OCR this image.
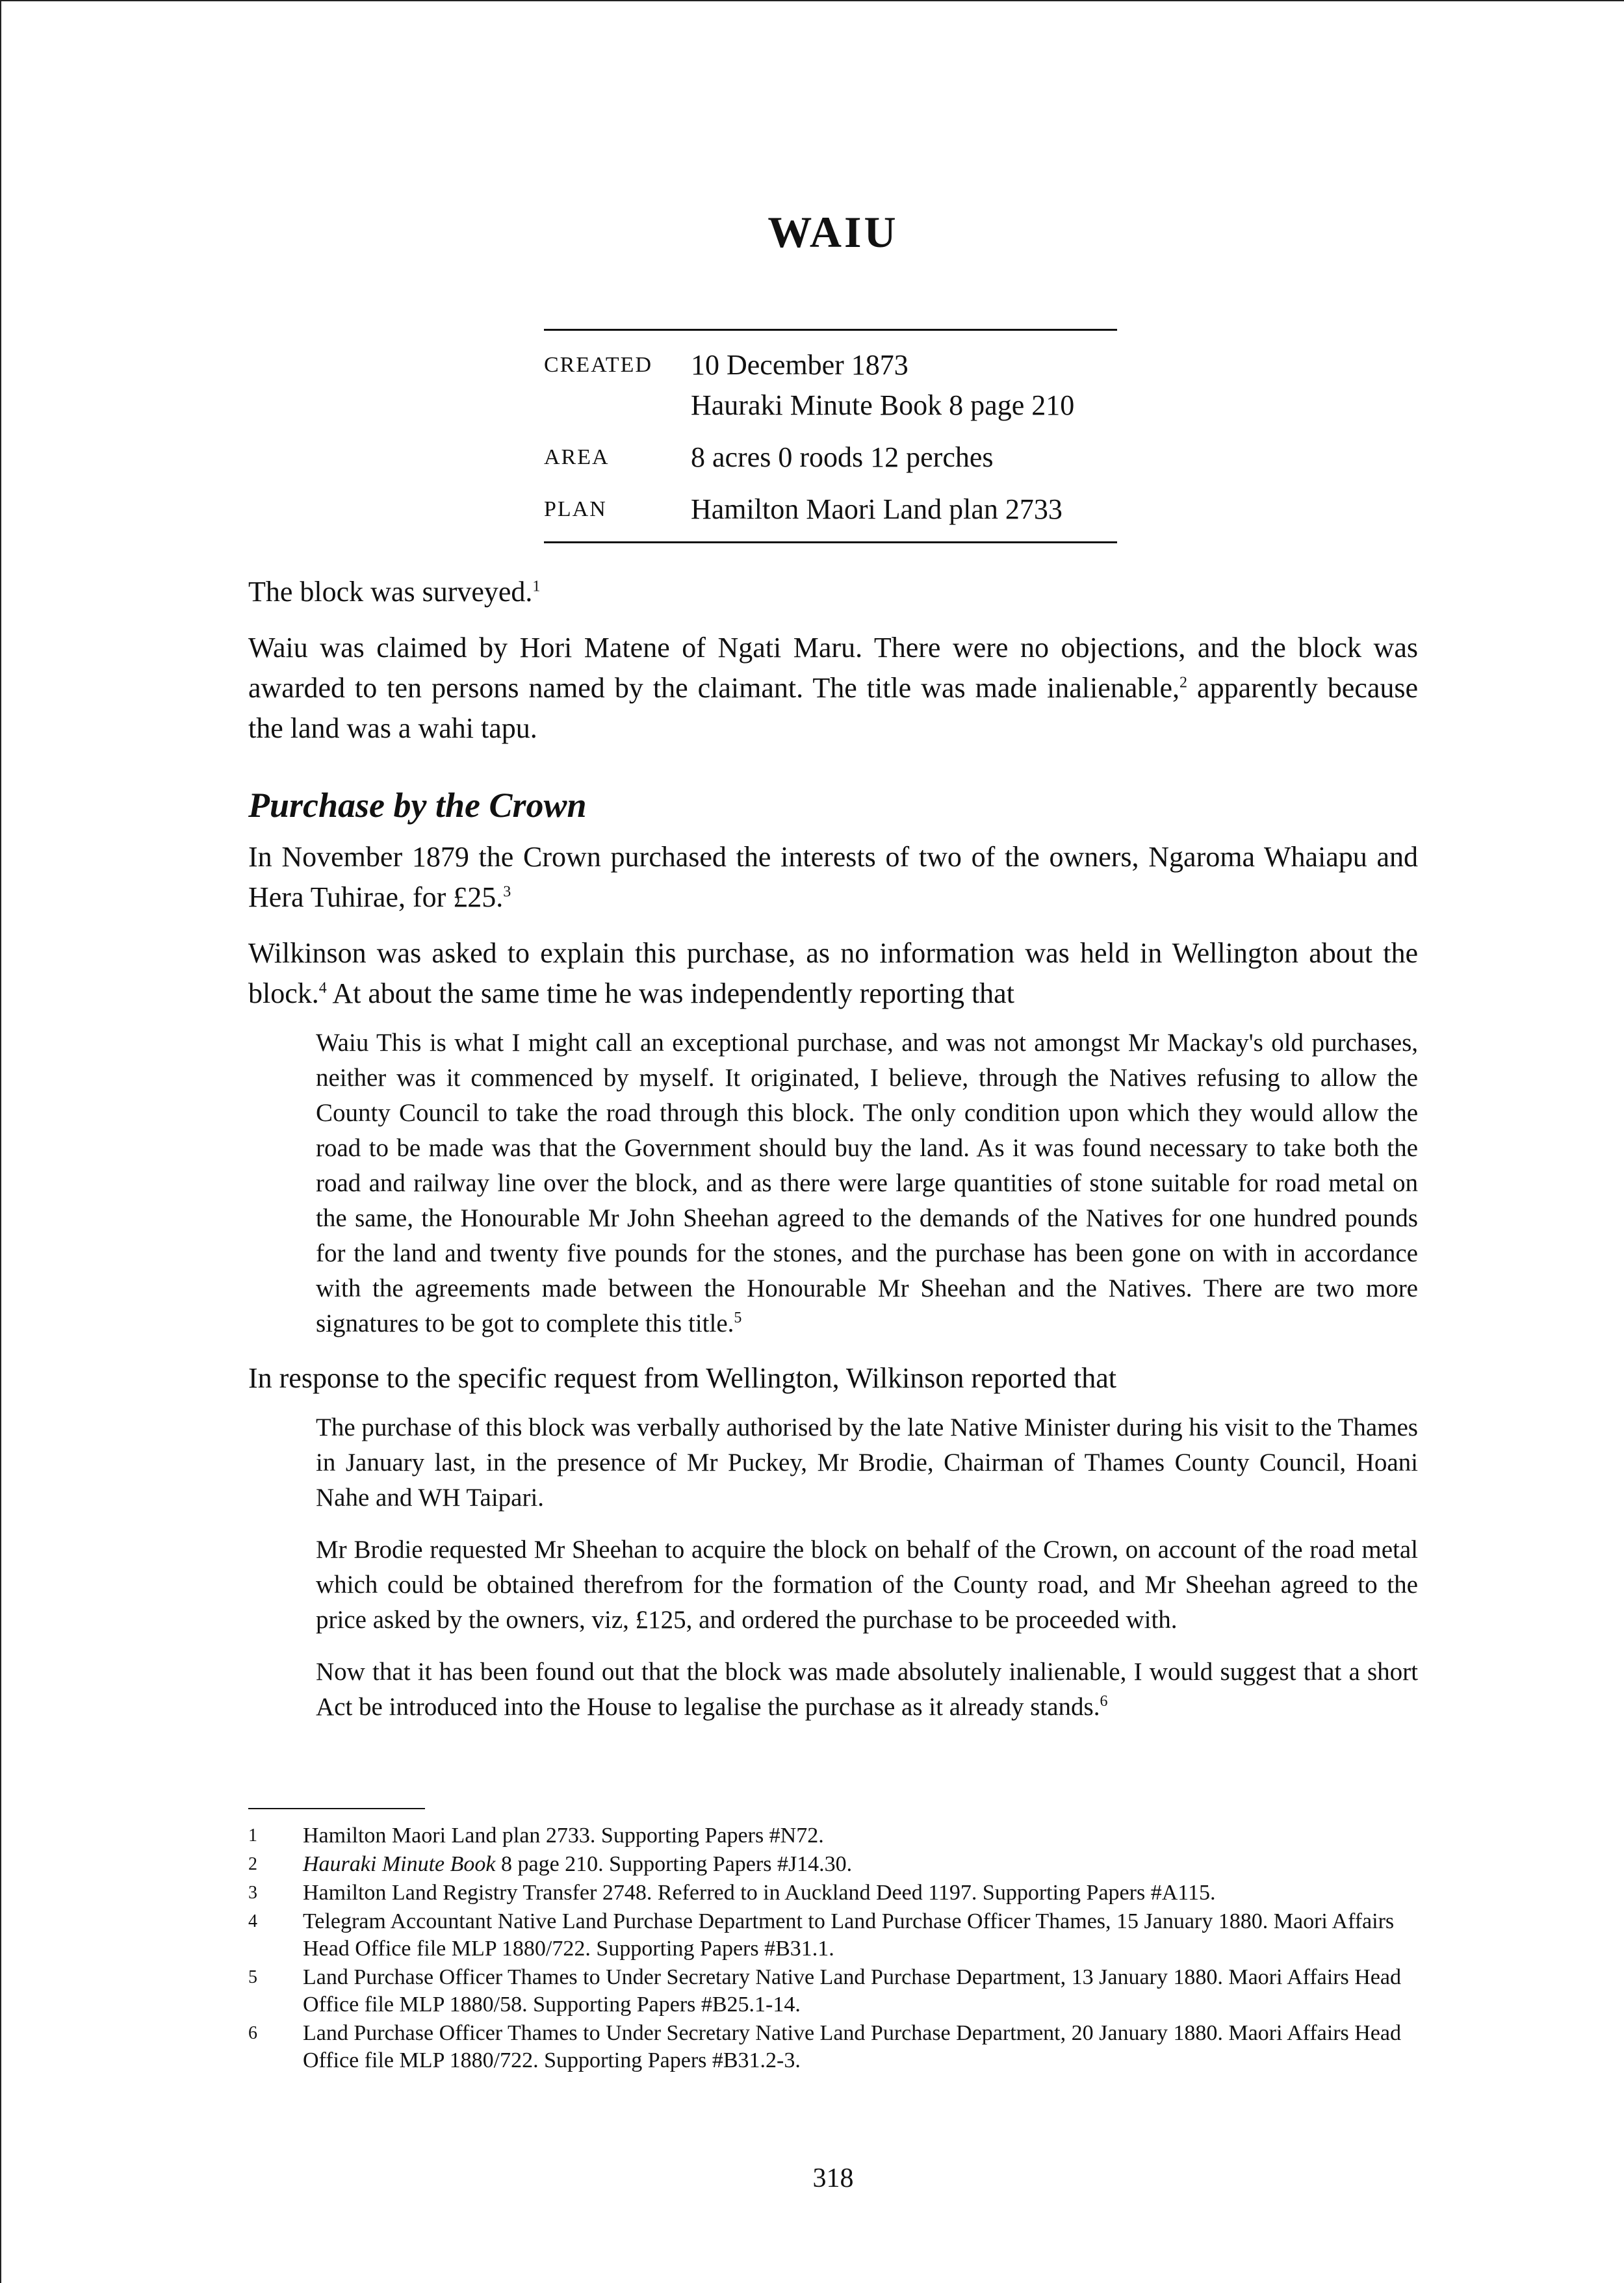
WAIU
CREATED	10 December 1873
Hauraki Minute Book 8 page 210
AREA	8 acres 0 roods 12 perches
PLAN	Hamilton Maori Land plan 2733

The block was surveyed.$^1$

Waiu was claimed by Hori Matene of Ngati Maru. There were no objections, and the block was awarded to ten persons named by the claimant. The title was made inalienable,$^2$ apparently because the land was a wahi tapu.

Purchase by the Crown

In November 1879 the Crown purchased the interests of two of the owners, Ngaroma Whaiapu and Hera Tuhirae, for £25.$^3$

Wilkinson was asked to explain this purchase, as no information was held in Wellington about the block.$^4$ At about the same time he was independently reporting that

Waiu This is what I might call an exceptional purchase, and was not amongst Mr Mackay's old purchases, neither was it commenced by myself. It originated, I believe, through the Natives refusing to allow the County Council to take the road through this block. The only condition upon which they would allow the road to be made was that the Government should buy the land. As it was found necessary to take both the road and railway line over the block, and as there were large quantities of stone suitable for road metal on the same, the Honourable Mr John Sheehan agreed to the demands of the Natives for one hundred pounds for the land and twenty five pounds for the stones, and the purchase has been gone on with in accordance with the agreements made between the Honourable Mr Sheehan and the Natives. There are two more signatures to be got to complete this title.$^5$

In response to the specific request from Wellington, Wilkinson reported that

The purchase of this block was verbally authorised by the late Native Minister during his visit to the Thames in January last, in the presence of Mr Puckey, Mr Brodie, Chairman of Thames County Council, Hoani Nahe and WH Taipari.

Mr Brodie requested Mr Sheehan to acquire the block on behalf of the Crown, on account of the road metal which could be obtained therefrom for the formation of the County road, and Mr Sheehan agreed to the price asked by the owners, viz, £125, and ordered the purchase to be proceeded with.

Now that it has been found out that the block was made absolutely inalienable, I would suggest that a short Act be introduced into the House to legalise the purchase as it already stands.$^6$

1	Hamilton Maori Land plan 2733. Supporting Papers #N72.
2	Hauraki Minute Book 8 page 210. Supporting Papers #J14.30.
3	Hamilton Land Registry Transfer 2748. Referred to in Auckland Deed 1197. Supporting Papers #A115.
4	Telegram Accountant Native Land Purchase Department to Land Purchase Officer Thames, 15 January 1880. Maori Affairs Head Office file MLP 1880/722. Supporting Papers #B31.1.
5	Land Purchase Officer Thames to Under Secretary Native Land Purchase Department, 13 January 1880. Maori Affairs Head Office file MLP 1880/58. Supporting Papers #B25.1-14.
6	Land Purchase Officer Thames to Under Secretary Native Land Purchase Department, 20 January 1880. Maori Affairs Head Office file MLP 1880/722. Supporting Papers #B31.2-3.
318
